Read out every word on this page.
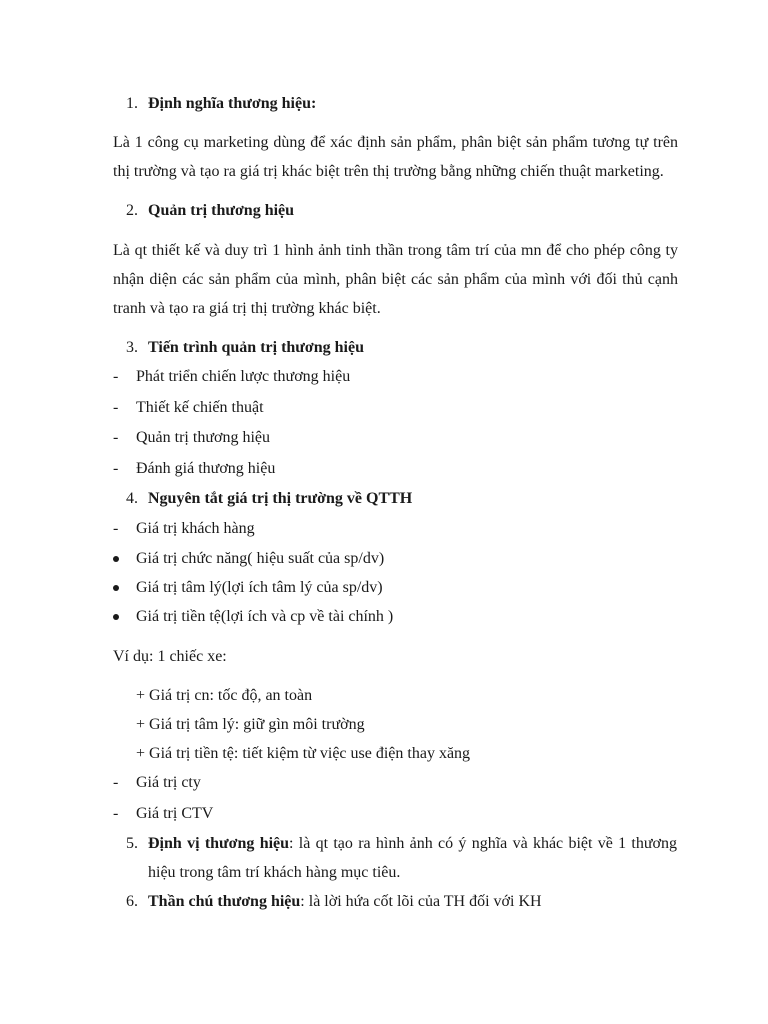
1. Định nghĩa thương hiệu:
Là 1 công cụ marketing dùng để xác định sản phẩm, phân biệt sản phẩm tương tự trên thị trường và tạo ra giá trị khác biệt trên thị trường bằng những chiến thuật marketing.
2. Quản trị thương hiệu
Là qt thiết kế và duy trì 1 hình ảnh tinh thần trong tâm trí của mn để cho phép công ty nhận diện các sản phẩm của mình, phân biệt các sản phẩm của mình với đối thủ cạnh tranh và tạo ra giá trị thị trường khác biệt.
3. Tiến trình quản trị thương hiệu
- Phát triển chiến lược thương hiệu
- Thiết kế chiến thuật
- Quản trị thương hiệu
- Đánh giá thương hiệu
4. Nguyên tắt giá trị thị trường về QTTH
- Giá trị khách hàng
Giá trị chức năng( hiệu suất của sp/dv)
Giá trị tâm lý(lợi ích tâm lý của sp/dv)
Giá trị tiền tệ(lợi ích và cp về tài chính )
Ví dụ: 1 chiếc xe:
+ Giá trị cn: tốc độ, an toàn
+ Giá trị tâm lý: giữ gìn môi trường
+ Giá trị tiền tệ: tiết kiệm từ việc use điện thay xăng
- Giá trị cty
- Giá trị CTV
5. Định vị thương hiệu: là qt tạo ra hình ảnh có ý nghĩa và khác biệt về 1 thương hiệu trong tâm trí khách hàng mục tiêu.
6. Thần chú thương hiệu: là lời hứa cốt lõi của TH đối với KH
